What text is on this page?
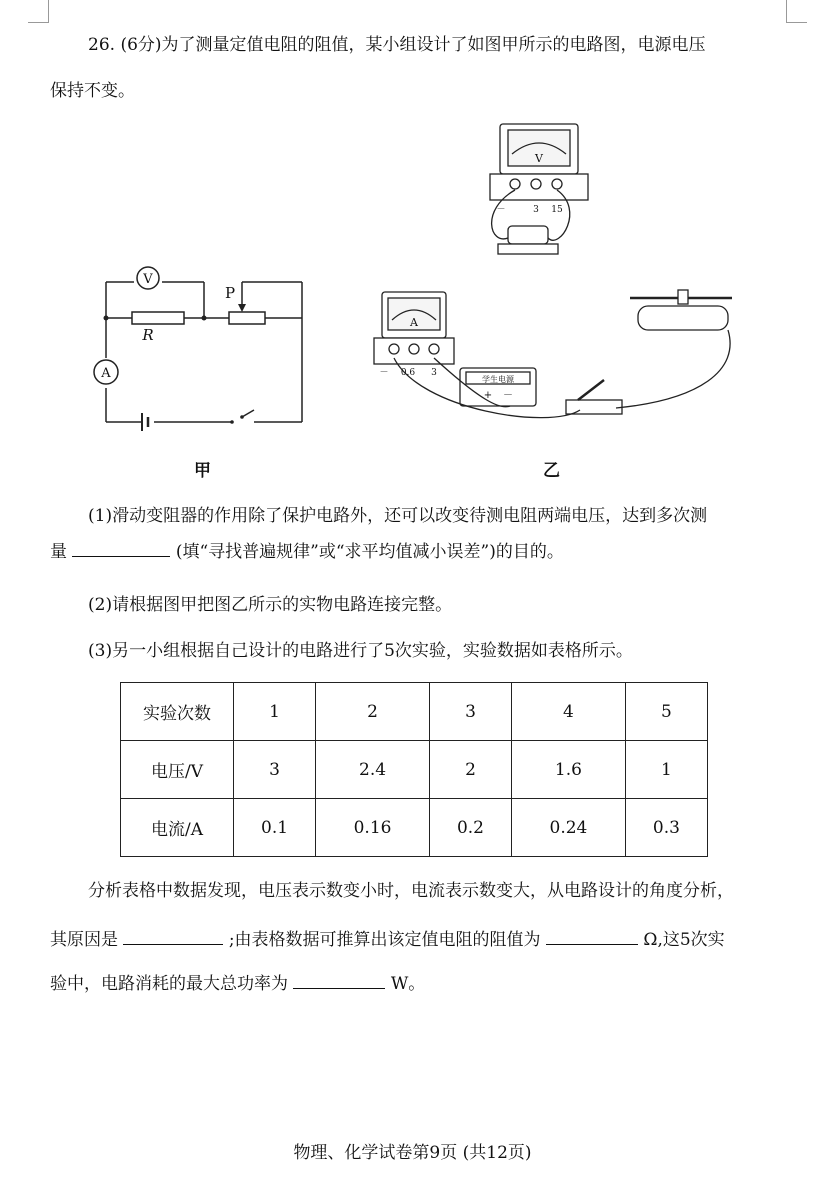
26. (6分)为了测量定值电阻的阻值，某小组设计了如图甲所示的电路图，电源电压
保持不变。
V
A
R
P
甲
V
－	3 15
A
－ 0.6 3
学生电源
+ －
乙
(1)滑动变阻器的作用除了保护电路外，还可以改变待测电阻两端电压，达到多次测
量	(填“寻找普遍规律”或“求平均值减小误差”)的目的。
(2)请根据图甲把图乙所示的实物电路连接完整。
(3)另一小组根据自己设计的电路进行了5次实验，实验数据如表格所示。
实验次数	1	2	3	4	5
电压/V	3	2.4	2	1.6	1
电流/A	0.1	0.16	0.2	0.24	0.3
分析表格中数据发现，电压表示数变小时，电流表示数变大，从电路设计的角度分析，
其原因是	;由表格数据可推算出该定值电阻的阻值为	Ω,这5次实
验中，电路消耗的最大总功率为	W。
物理、化学试卷第9页 (共12页)
